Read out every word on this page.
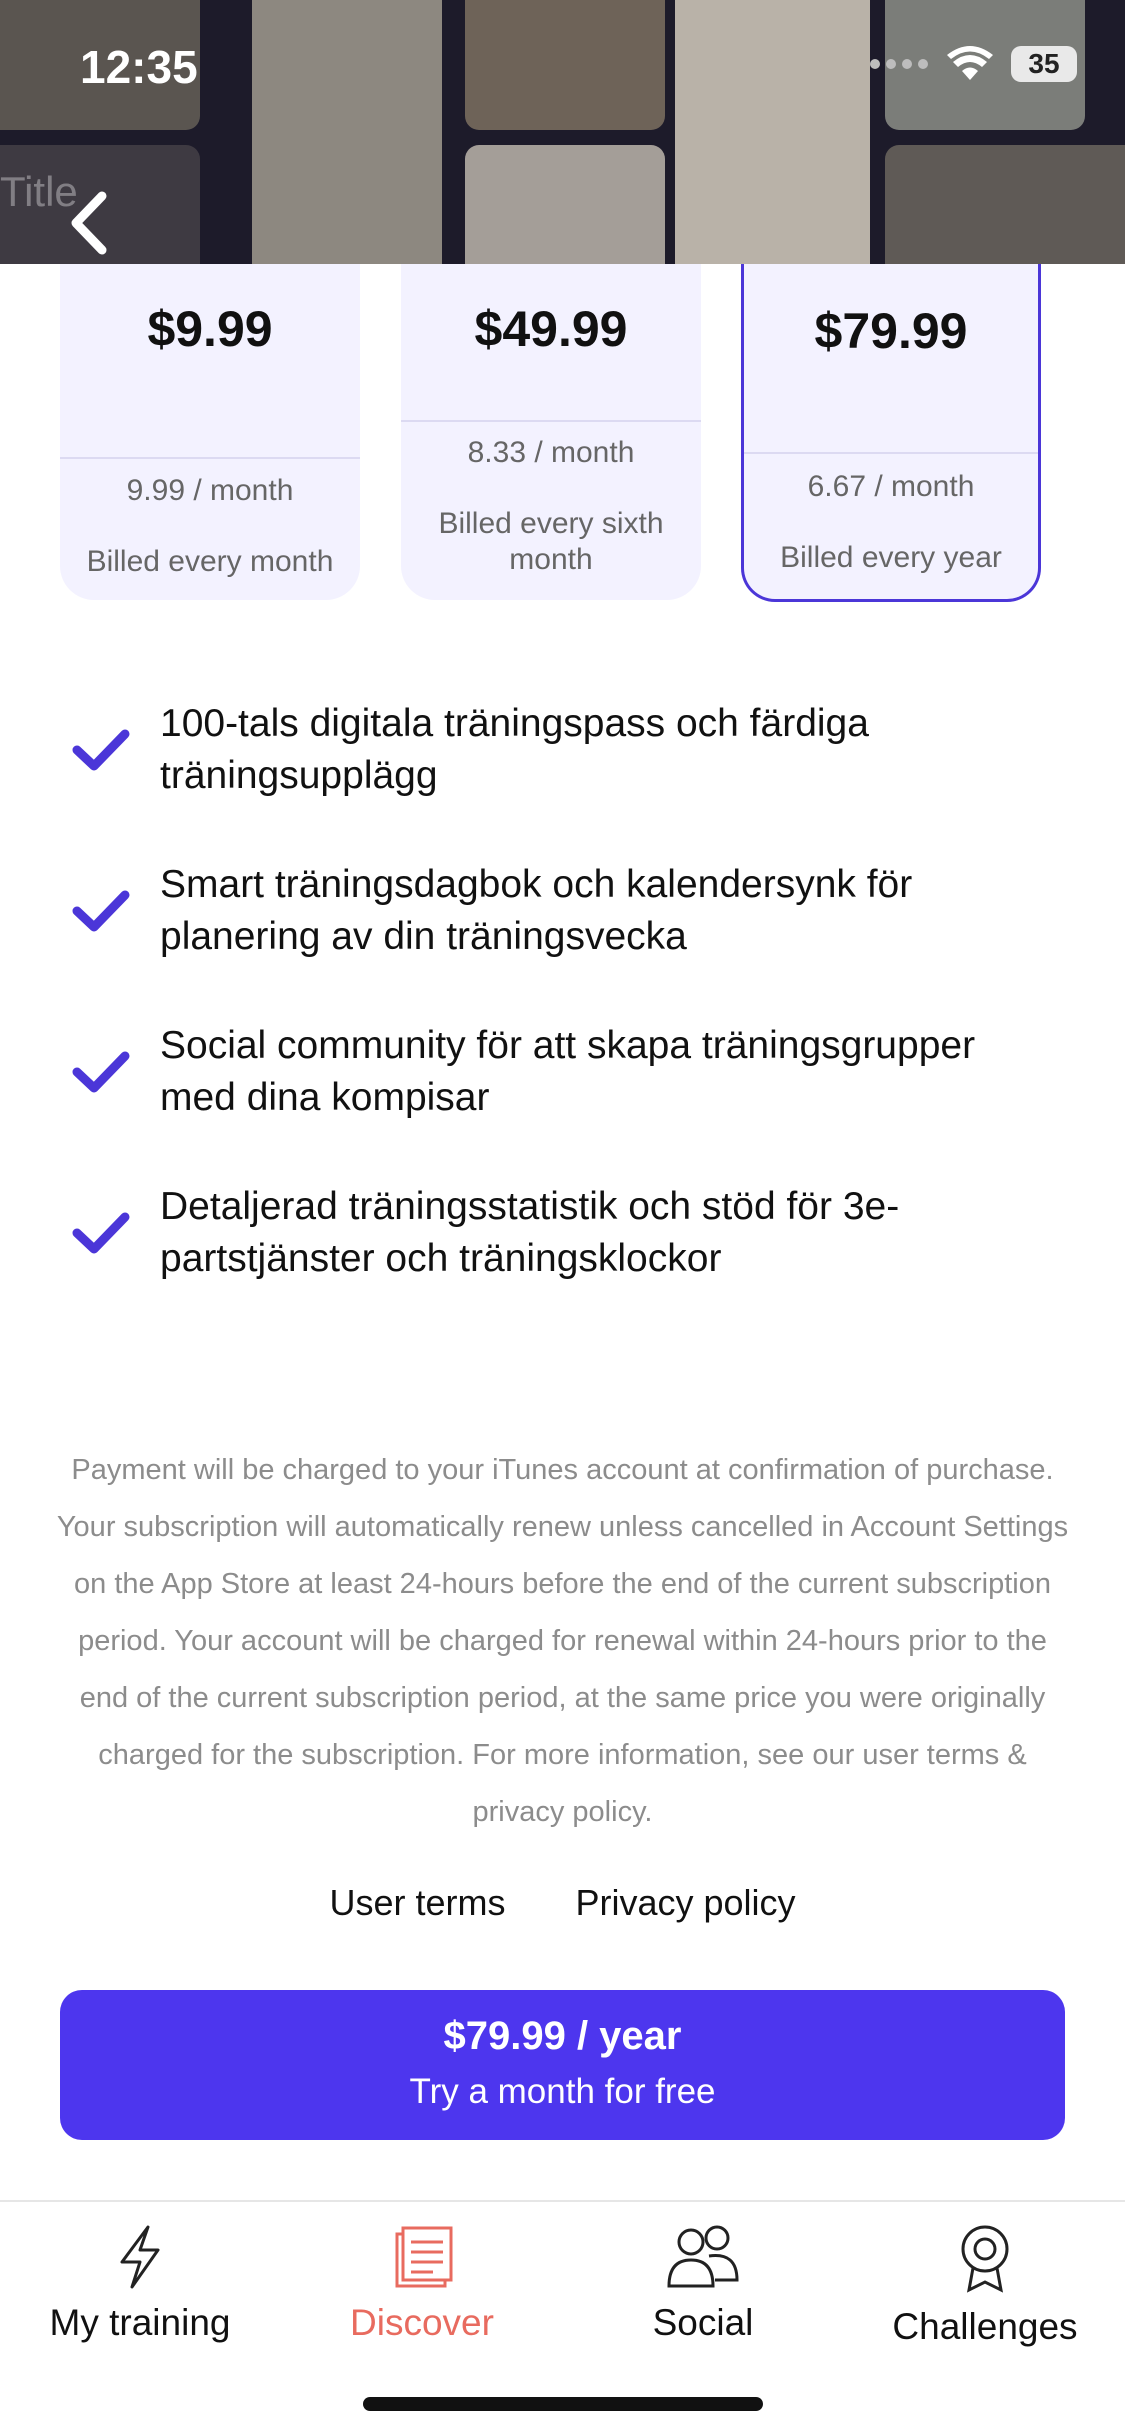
Title
12:35	35
$9.99
9.99 / month
Billed every month
$49.99
8.33 / month
Billed every sixth month
$79.99
6.67 / month
Billed every year
100-tals digitala träningspass och färdiga träningsupplägg
Smart träningsdagbok och kalendersynk för planering av din träningsvecka
Social community för att skapa träningsgrupper med dina kompisar
Detaljerad träningsstatistik och stöd för 3e-partstjänster och träningsklockor
Payment will be charged to your iTunes account at confirmation of purchase. Your subscription will automatically renew unless cancelled in Account Settings on the App Store at least 24-hours before the end of the current subscription period. Your account will be charged for renewal within 24-hours prior to the end of the current subscription period, at the same price you were originally charged for the subscription. For more information, see our user terms & privacy policy.
User terms Privacy policy
$79.99 / year
Try a month for free
My training	Discover	Social	Challenges
